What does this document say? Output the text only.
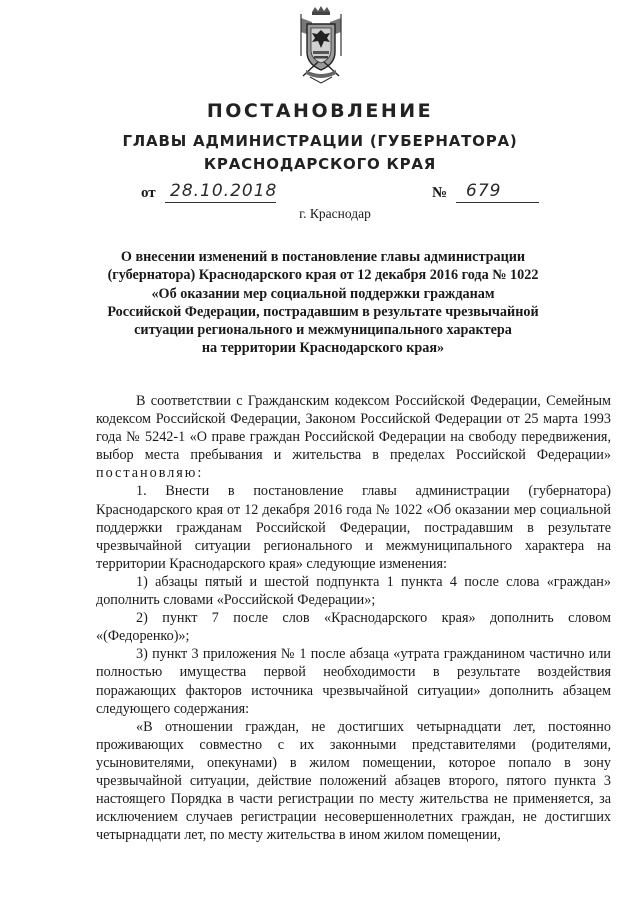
ПОСТАНОВЛЕНИЕ
ГЛАВЫ АДМИНИСТРАЦИИ (ГУБЕРНАТОРА)
КРАСНОДАРСКОГО КРАЯ
от 28.10.2018	№ 679
г. Краснодар
О внесении изменений в постановление главы администрации
(губернатора) Краснодарского края от 12 декабря 2016 года № 1022
«Об оказании мер социальной поддержки гражданам
Российской Федерации, пострадавшим в результате чрезвычайной
ситуации регионального и межмуниципального характера
на территории Краснодарского края»

В соответствии с Гражданским кодексом Российской Федерации, Семейным кодексом Российской Федерации, Законом Российской Федерации от 25 марта 1993 года № 5242-1 «О праве граждан Российской Федерации на свободу передвижения, выбор места пребывания и жительства в пределах Российской Федерации» постановляю:

1. Внести в постановление главы администрации (губернатора) Краснодарского края от 12 декабря 2016 года № 1022 «Об оказании мер социальной поддержки гражданам Российской Федерации, пострадавшим в результате чрезвычайной ситуации регионального и межмуниципального характера на территории Краснодарского края» следующие изменения:

1) абзацы пятый и шестой подпункта 1 пункта 4 после слова «граждан» дополнить словами «Российской Федерации»;

2) пункт 7 после слов «Краснодарского края» дополнить словом «(Федоренко)»;

3) пункт 3 приложения № 1 после абзаца «утрата гражданином частично или полностью имущества первой необходимости в результате воздействия поражающих факторов источника чрезвычайной ситуации» дополнить абзацем следующего содержания:

«В отношении граждан, не достигших четырнадцати лет, постоянно проживающих совместно с их законными представителями (родителями, усыновителями, опекунами) в жилом помещении, которое попало в зону чрезвычайной ситуации, действие положений абзацев второго, пятого пункта 3 настоящего Порядка в части регистрации по месту жительства не применяется, за исключением случаев регистрации несовершеннолетних граждан, не достигших четырнадцати лет, по месту жительства в ином жилом помещении,
